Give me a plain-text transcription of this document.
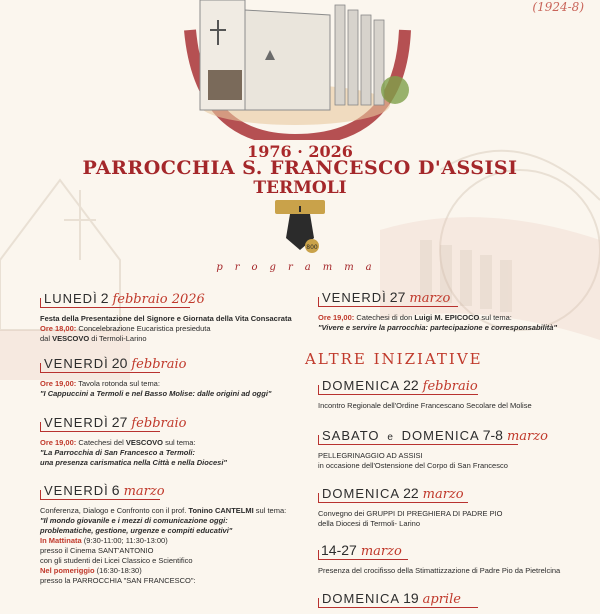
(1924-8)
1976 · 2026
PARROCCHIA S. FRANCESCO D'ASSISI
TERMOLI
800
programma
LUNEDÌ 2 febbraio 2026
Festa della Presentazione del Signore e Giornata della Vita Consacrata
Ore 18,00: Concelebrazione Eucaristica presieduta
dal VESCOVO di Termoli-Larino
VENERDÌ 20 febbraio
Ore 19,00: Tavola rotonda sul tema:
"I Cappuccini a Termoli e nel Basso Molise: dalle origini ad oggi"
VENERDÌ 27 febbraio
Ore 19,00: Catechesi del VESCOVO sul tema:
"La Parrocchia di San Francesco a Termoli:
una presenza carismatica nella Città e nella Diocesi"
VENERDÌ 6 marzo
Conferenza, Dialogo e Confronto con il prof. Tonino CANTELMI sul tema:
"Il mondo giovanile e i mezzi di comunicazione oggi:
problematiche, gestione, urgenze e compiti educativi"
In Mattinata (9:30-11:00; 11:30-13:00)
presso il Cinema SANT'ANTONIO
con gli studenti dei Licei Classico e Scientifico
Nel pomeriggio (16:30-18:30)
presso la PARROCCHIA "SAN FRANCESCO":
VENERDÌ 27 marzo
Ore 19,00: Catechesi di don Luigi M. EPICOCO sul tema:
"Vivere e servire la parrocchia: partecipazione e corresponsabilità"
ALTRE INIZIATIVE
DOMENICA 22 febbraio
Incontro Regionale dell'Ordine Francescano Secolare del Molise
SABATO e DOMENICA 7-8 marzo
PELLEGRINAGGIO AD ASSISI
in occasione dell'Ostensione del Corpo di San Francesco
DOMENICA 22 marzo
Convegno dei GRUPPI DI PREGHIERA DI PADRE PIO
della Diocesi di Termoli- Larino
14-27 marzo
Presenza del crocifisso della Stimattizzazione di Padre Pio da Pietrelcina
DOMENICA 19 aprile
